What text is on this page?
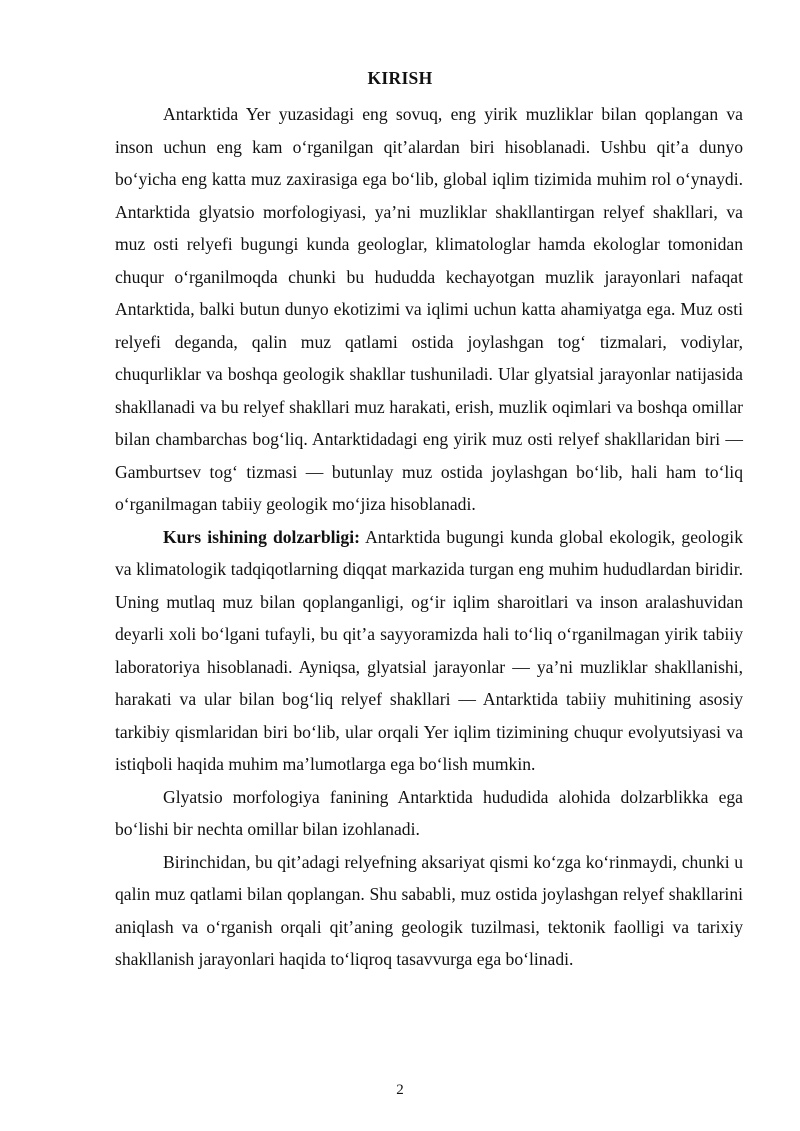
KIRISH

Antarktida Yer yuzasidagi eng sovuq, eng yirik muzliklar bilan qoplangan va inson uchun eng kam o‘rganilgan qit’alardan biri hisoblanadi. Ushbu qit’a dunyo bo‘yicha eng katta muz zaxirasiga ega bo‘lib, global iqlim tizimida muhim rol o‘ynaydi. Antarktida glyatsio morfologiyasi, ya’ni muzliklar shakllantirgan relyef shakllari, va muz osti relyefi bugungi kunda geologlar, klimatologlar hamda ekologlar tomonidan chuqur o‘rganilmoqda chunki bu hududda kechayotgan muzlik jarayonlari nafaqat Antarktida, balki butun dunyo ekotizimi va iqlimi uchun katta ahamiyatga ega. Muz osti relyefi deganda, qalin muz qatlami ostida joylashgan tog‘ tizmalari, vodiylar, chuqurliklar va boshqa geologik shakllar tushuniladi. Ular glyatsial jarayonlar natijasida shakllanadi va bu relyef shakllari muz harakati, erish, muzlik oqimlari va boshqa omillar bilan chambarchas bog‘liq. Antarktidadagi eng yirik muz osti relyef shakllaridan biri — Gamburtsev tog‘ tizmasi — butunlay muz ostida joylashgan bo‘lib, hali ham to‘liq o‘rganilmagan tabiiy geologik mo‘jiza hisoblanadi.

Kurs ishining dolzarbligi: Antarktida bugungi kunda global ekologik, geologik va klimatologik tadqiqotlarning diqqat markazida turgan eng muhim hududlardan biridir. Uning mutlaq muz bilan qoplanganligi, og‘ir iqlim sharoitlari va inson aralashuvidan deyarli xoli bo‘lgani tufayli, bu qit’a sayyoramizda hali to‘liq o‘rganilmagan yirik tabiiy laboratoriya hisoblanadi. Ayniqsa, glyatsial jarayonlar — ya’ni muzliklar shakllanishi, harakati va ular bilan bog‘liq relyef shakllari — Antarktida tabiiy muhitining asosiy tarkibiy qismlaridan biri bo‘lib, ular orqali Yer iqlim tizimining chuqur evolyutsiyasi va istiqboli haqida muhim ma’lumotlarga ega bo‘lish mumkin.

Glyatsio morfologiya fanining Antarktida hududida alohida dolzarblikka ega bo‘lishi bir nechta omillar bilan izohlanadi.

Birinchidan, bu qit’adagi relyefning aksariyat qismi ko‘zga ko‘rinmaydi, chunki u qalin muz qatlami bilan qoplangan. Shu sababli, muz ostida joylashgan relyef shakllarini aniqlash va o‘rganish orqali qit’aning geologik tuzilmasi, tektonik faolligi va tarixiy shakllanish jarayonlari haqida to‘liqroq tasavvurga ega bo‘linadi.

2
